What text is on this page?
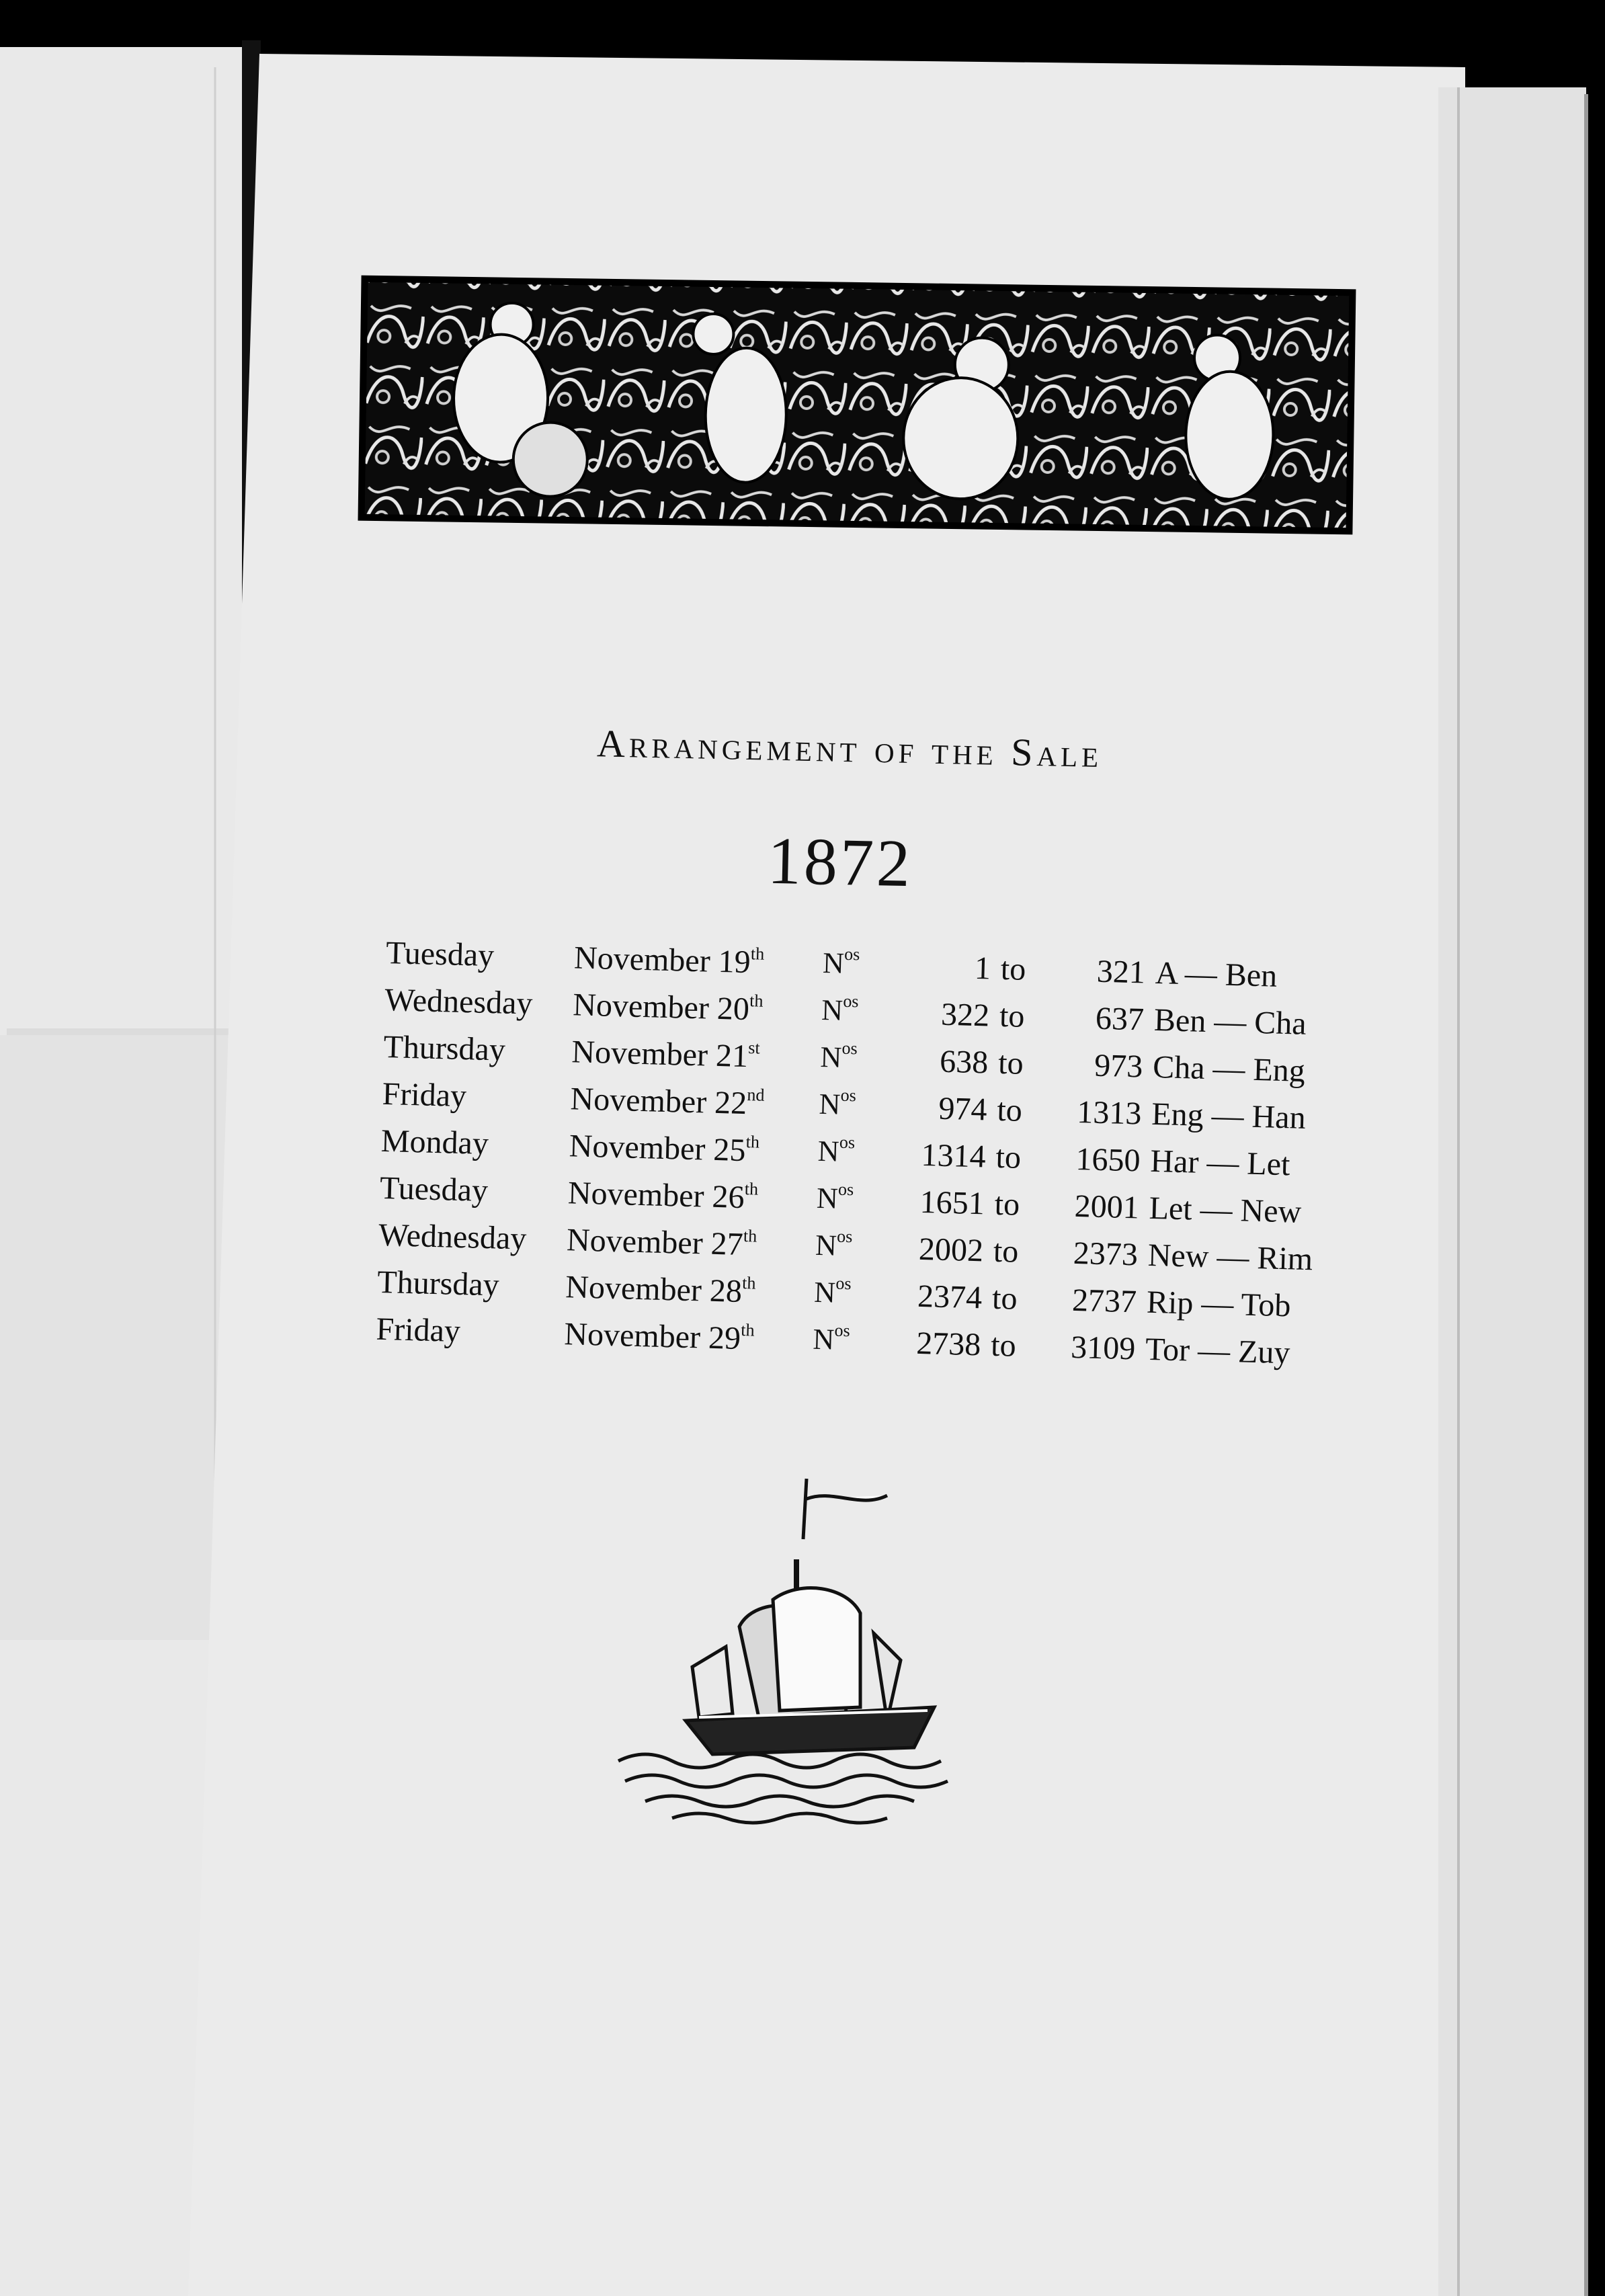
Arrangement of the Sale
1872
Tuesday November 19th $N^{os}$	1 to	321 A — Ben
Wednesday November 20th $N^{os}$	322 to	637 Ben — Cha
Thursday November 21st $N^{os}$	638 to	973 Cha — Eng
Friday	November 22nd $N^{os}$	974 to	1313 Eng — Han
Monday November 25th $N^{os}$	1314 to	1650 Har — Let
Tuesday November 26th $N^{os}$	1651 to	2001 Let — New
Wednesday November 27th $N^{os}$	2002 to	2373 New — Rim
Thursday November 28th $N^{os}$	2374 to	2737 Rip — Tob
Friday	November 29th $N^{os}$	2738 to	3109 Tor — Zuy
